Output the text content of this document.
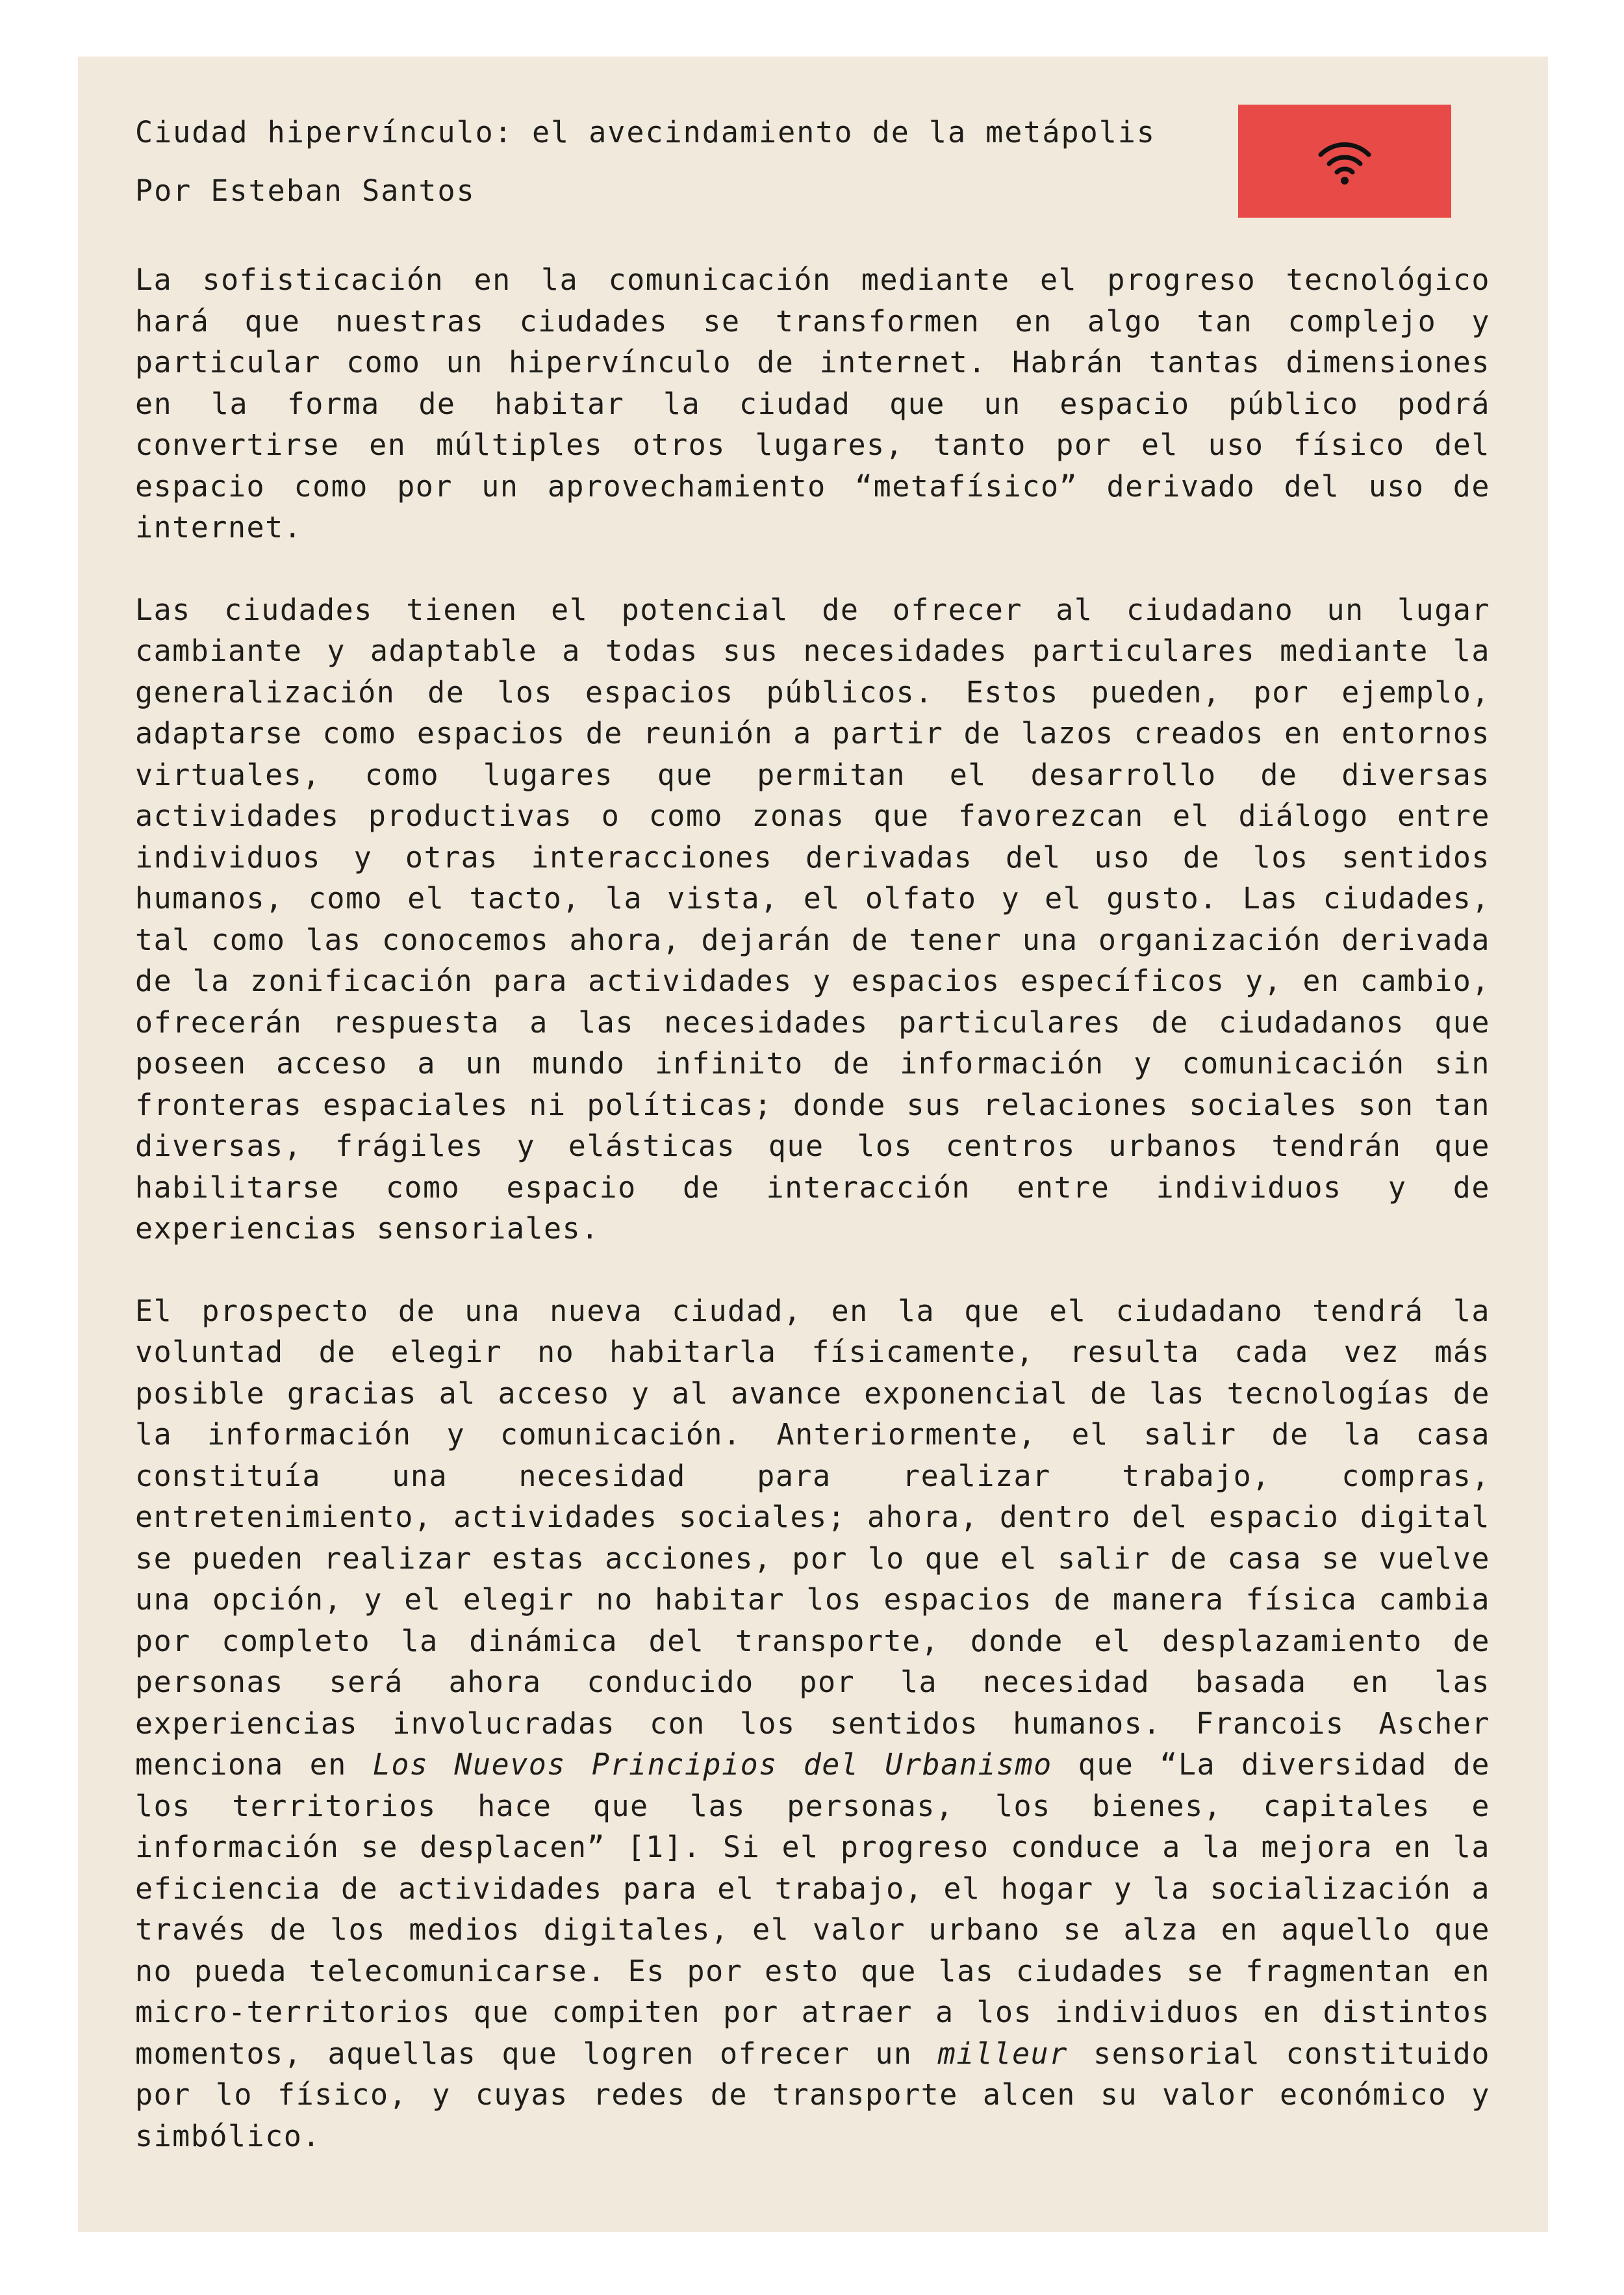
Ciudad hipervínculo: el avecindamiento de la metápolis
Por Esteban Santos

La sofisticación en la comunicación mediante el progreso tecnológico hará que nuestras ciudades se transformen en algo tan complejo y particular como un hipervínculo de internet. Habrán tantas dimensiones en la forma de habitar la ciudad que un espacio público podrá convertirse en múltiples otros lugares, tanto por el uso físico del espacio como por un aprovechamiento “metafísico” derivado del uso de internet.

Las ciudades tienen el potencial de ofrecer al ciudadano un lugar cambiante y adaptable a todas sus necesidades particulares mediante la generalización de los espacios públicos. Estos pueden, por ejemplo, adaptarse como espacios de reunión a partir de lazos creados en entornos virtuales, como lugares que permitan el desarrollo de diversas actividades productivas o como zonas que favorezcan el diálogo entre individuos y otras interacciones derivadas del uso de los sentidos humanos, como el tacto, la vista, el olfato y el gusto. Las ciudades, tal como las conocemos ahora, dejarán de tener una organización derivada de la zonificación para actividades y espacios específicos y, en cambio, ofrecerán respuesta a las necesidades particulares de ciudadanos que poseen acceso a un mundo infinito de información y comunicación sin fronteras espaciales ni políticas; donde sus relaciones sociales son tan diversas, frágiles y elásticas que los centros urbanos tendrán que habilitarse como espacio de interacción entre individuos y de experiencias sensoriales.

El prospecto de una nueva ciudad, en la que el ciudadano tendrá la voluntad de elegir no habitarla físicamente, resulta cada vez más posible gracias al acceso y al avance exponencial de las tecnologías de la información y comunicación. Anteriormente, el salir de la casa constituía una necesidad para realizar trabajo, compras, entretenimiento, actividades sociales; ahora, dentro del espacio digital se pueden realizar estas acciones, por lo que el salir de casa se vuelve una opción, y el elegir no habitar los espacios de manera física cambia por completo la dinámica del transporte, donde el desplazamiento de personas será ahora conducido por la necesidad basada en las experiencias involucradas con los sentidos humanos. Francois Ascher menciona en Los Nuevos Principios del Urbanismo que “La diversidad de los territorios hace que las personas, los bienes, capitales e información se desplacen” [1]. Si el progreso conduce a la mejora en la eficiencia de actividades para el trabajo, el hogar y la socialización a través de los medios digitales, el valor urbano se alza en aquello que no pueda telecomunicarse. Es por esto que las ciudades se fragmentan en micro-territorios que compiten por atraer a los individuos en distintos momentos, aquellas que logren ofrecer un milleur sensorial constituido por lo físico, y cuyas redes de transporte alcen su valor económico y simbólico.
